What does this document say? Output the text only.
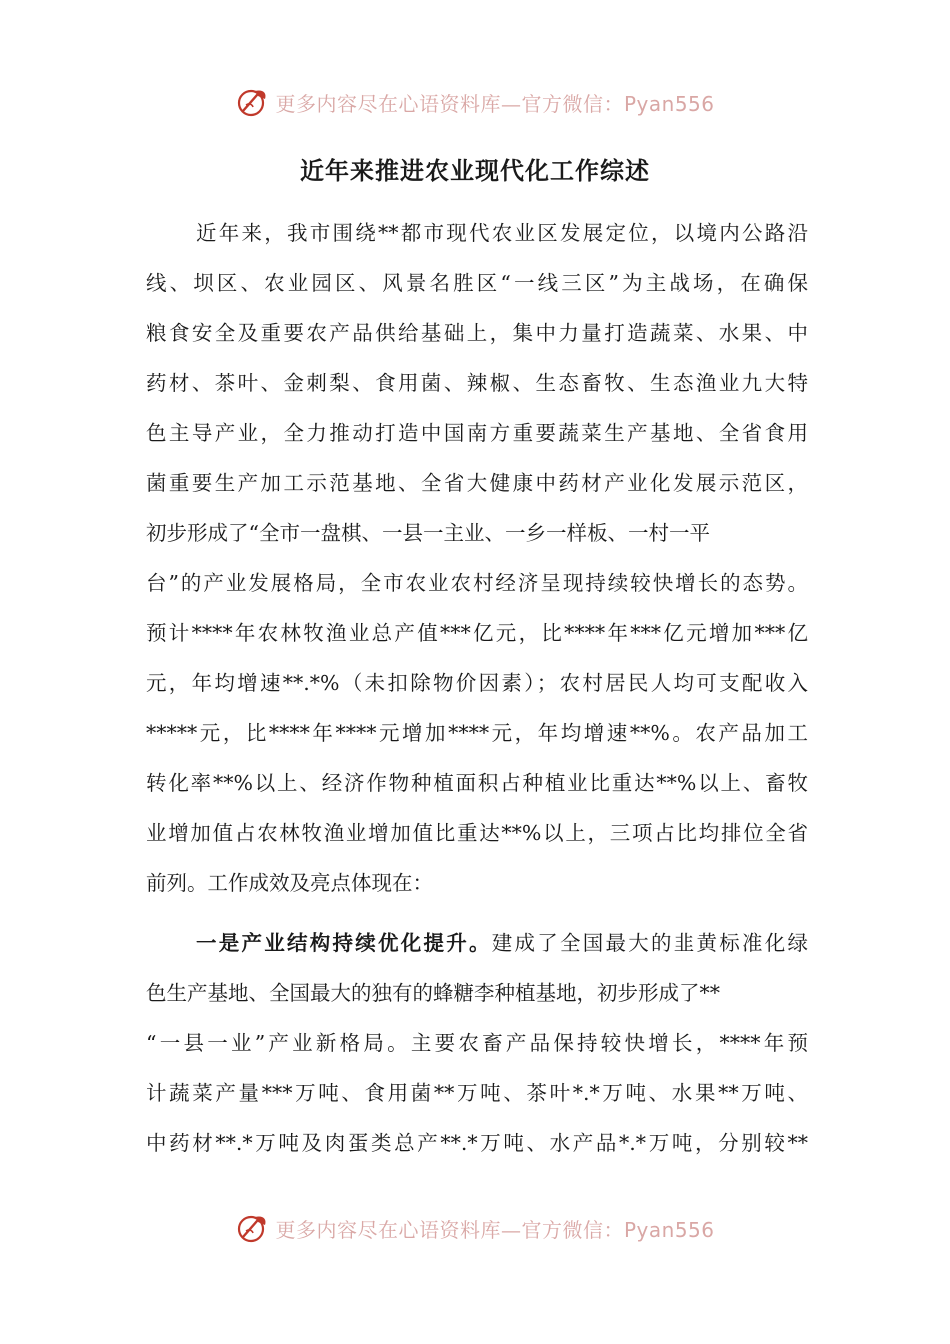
更多内容尽在心语资料库—官方微信：Pyan556
近年来推进农业现代化工作综述
近年来，我市围绕**都市现代农业区发展定位，以境内公路沿
线、坝区、农业园区、风景名胜区“一线三区”为主战场，在确保
粮食安全及重要农产品供给基础上，集中力量打造蔬菜、水果、中
药材、茶叶、金刺梨、食用菌、辣椒、生态畜牧、生态渔业九大特
色主导产业，全力推动打造中国南方重要蔬菜生产基地、全省食用
菌重要生产加工示范基地、全省大健康中药材产业化发展示范区，
初步形成了“全市一盘棋、一县一主业、一乡一样板、一村一平
台”的产业发展格局，全市农业农村经济呈现持续较快增长的态势。
预计****年农林牧渔业总产值***亿元，比****年***亿元增加***亿
元，年均增速**.*%（未扣除物价因素）；农村居民人均可支配收入
*****元，比****年****元增加****元，年均增速**%。农产品加工
转化率**%以上、经济作物种植面积占种植业比重达**%以上、畜牧
业增加值占农林牧渔业增加值比重达**%以上，三项占比均排位全省
前列。工作成效及亮点体现在：
一是产业结构持续优化提升。建成了全国最大的韭黄标准化绿
色生产基地、全国最大的独有的蜂糖李种植基地，初步形成了**
“一县一业”产业新格局。主要农畜产品保持较快增长，****年预
计蔬菜产量***万吨、食用菌**万吨、茶叶*.*万吨、水果**万吨、
中药材**.*万吨及肉蛋类总产**.*万吨、水产品*.*万吨，分别较**
更多内容尽在心语资料库—官方微信：Pyan556
